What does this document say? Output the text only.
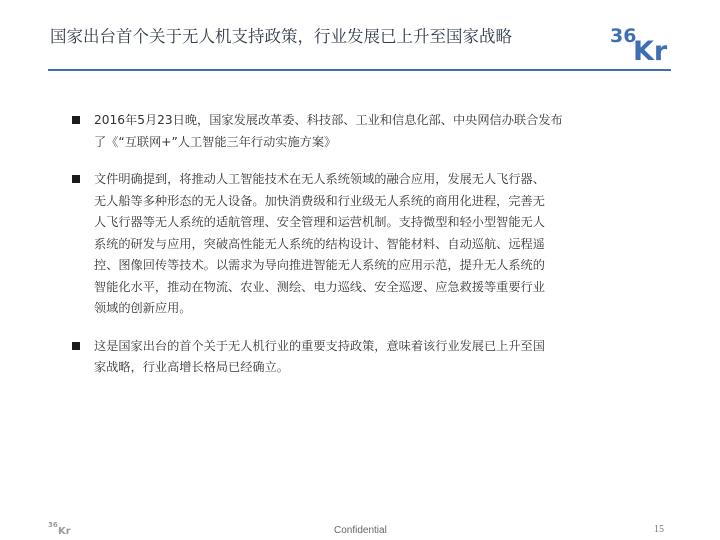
国家出台首个关于无人机支持政策，行业发展已上升至国家战略	36
Kr
2016年5月23日晚，国家发展改革委、科技部、工业和信息化部、中央网信办联合发布
了《“互联网+”人工智能三年行动实施方案》
文件明确提到，将推动人工智能技术在无人系统领域的融合应用，发展无人飞行器、
无人船等多种形态的无人设备。加快消费级和行业级无人系统的商用化进程，完善无
人飞行器等无人系统的适航管理、安全管理和运营机制。支持微型和轻小型智能无人
系统的研发与应用，突破高性能无人系统的结构设计、智能材料、自动巡航、远程遥
控、图像回传等技术。以需求为导向推进智能无人系统的应用示范，提升无人系统的
智能化水平，推动在物流、农业、测绘、电力巡线、安全巡逻、应急救援等重要行业
领域的创新应用。
这是国家出台的首个关于无人机行业的重要支持政策，意味着该行业发展已上升至国
家战略，行业高增长格局已经确立。
36
Kr	Confidential	15
